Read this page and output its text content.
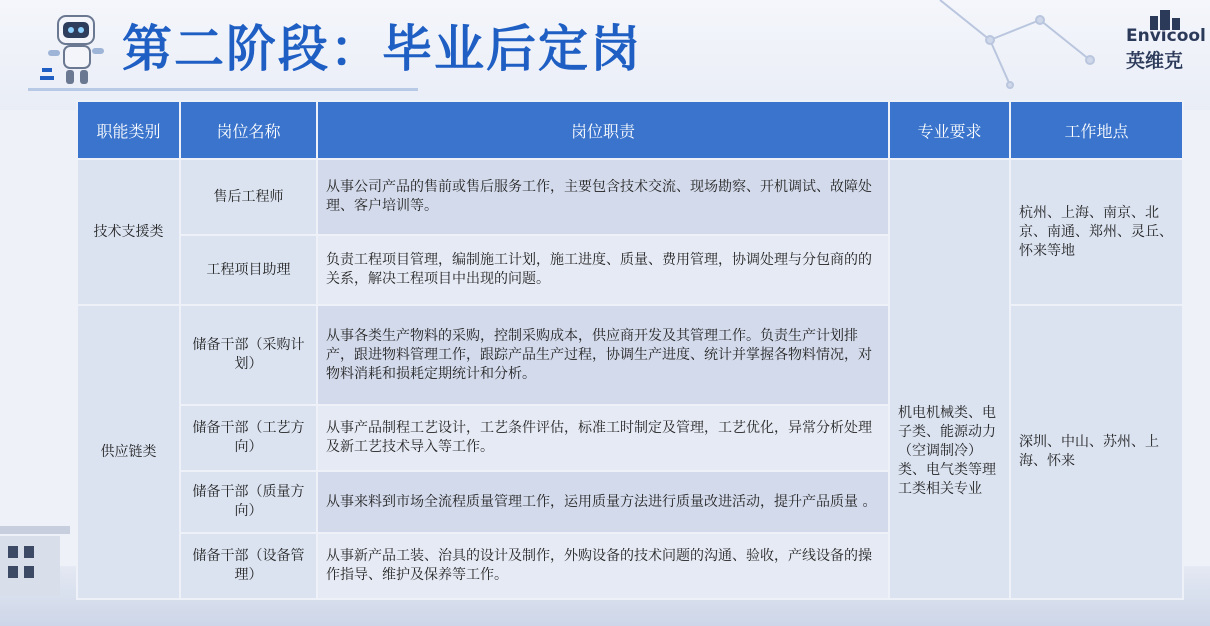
第二阶段：毕业后定岗	Envicool
英维克
职能类别	岗位名称	岗位职责	专业要求	工作地点
技术支援类	售后工程师	从事公司产品的售前或售后服务工作，主要包含技术交流、现场勘察、开机调试、故障处理、客户培训等。	机电机械类、电子类、能源动力（空调制冷）类、电气类等理工类相关专业	杭州、上海、南京、北京、南通、郑州、灵丘、怀来等地
	工程项目助理	负责工程项目管理，编制施工计划，施工进度、质量、费用管理，协调处理与分包商的的关系，解决工程项目中出现的问题。		
供应链类	储备干部（采购计划）	从事各类生产物料的采购，控制采购成本，供应商开发及其管理工作。负责生产计划排产，跟进物料管理工作，跟踪产品生产过程，协调生产进度、统计并掌握各物料情况，对物料消耗和损耗定期统计和分析。		深圳、中山、苏州、上海、怀来
	储备干部（工艺方向）	从事产品制程工艺设计，工艺条件评估，标准工时制定及管理，工艺优化，异常分析处理及新工艺技术导入等工作。		
	储备干部（质量方向）	从事来料到市场全流程质量管理工作，运用质量方法进行质量改进活动，提升产品质量 。		
	储备干部（设备管理）	从事新产品工装、治具的设计及制作，外购设备的技术问题的沟通、验收，产线设备的操作指导、维护及保养等工作。		
